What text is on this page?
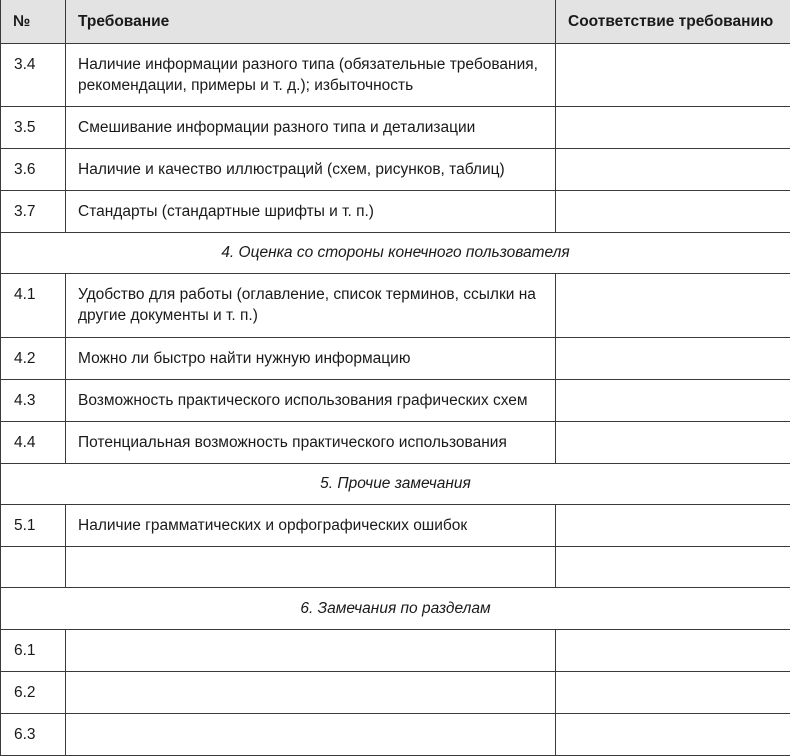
№	Требование	Соответствие требованию
3.4	Наличие информации разного типа (обязательные требования, рекомендации, примеры и т. д.); избыточность	
3.5	Смешивание информации разного типа и детализации	
3.6	Наличие и качество иллюстраций (схем, рисунков, таблиц)	
3.7	Стандарты (стандартные шрифты и т. п.)	
4. Оценка со стороны конечного пользователя		
4.1	Удобство для работы (оглавление, список терминов, ссылки на другие документы и т. п.)	
4.2	Можно ли быстро найти нужную информацию	
4.3	Возможность практического использования графических схем	
4.4	Потенциальная возможность практического использования	
5. Прочие замечания		
5.1	Наличие грамматических и орфографических ошибок	

6. Замечания по разделам		
6.1		
6.2		
6.3		
